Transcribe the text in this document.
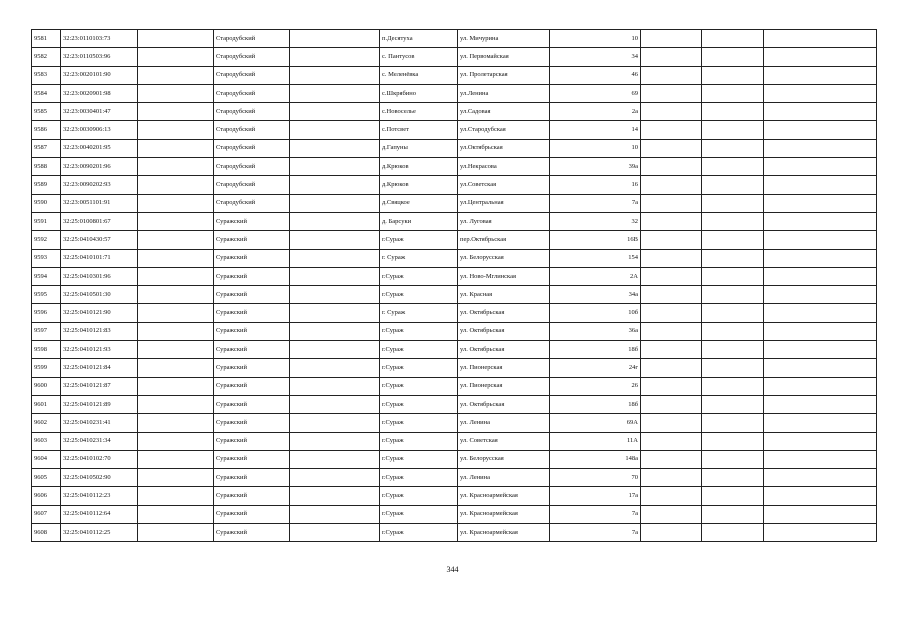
9581	32:23:0110103:73		Стародубский		п.Десятуха	ул. Мичурина	10			
9582	32:23:0110503:96		Стародубский		с. Пантусов	ул. Первомайская	34			
9583	32:23:0020101:90		Стародубский		с. Меленёвка	ул. Пролетарская	46			
9584	32:23:0020901:98		Стародубский		с.Шкрябино	ул.Ленина	69			
9585	32:23:0030401:47		Стародубский		с.Новоселье	ул.Садовая	2а			
9586	32:23:0030906:13		Стародубский		с.Потсвет	ул.Стародубская	14			
9587	32:23:0040201:95		Стародубский		д.Гапуны	ул.Октябрьская	10			
9588	32:23:0090201:96		Стародубский		д.Крюков	ул.Некрасова	39а			
9589	32:23:0090202:93		Стародубский		д.Крюков	ул.Советская	16			
9590	32:23:0051101:91		Стародубский		д.Свяцкое	ул.Центральная	7а			
9591	32:25:0100801:67		Суражский		д. Барсуки	ул. Луговая	32			
9592	32:25:0410430:57		Суражский		г.Сураж	пер.Октябрьская	16В			
9593	32:25:0410101:71		Суражский		г. Сураж	ул. Белорусская	154			
9594	32:25:0410301:96		Суражский		г.Сураж	ул. Ново-Мглинская	2А			
9595	32:25:0410501:30		Суражский		г.Сураж	ул. Красная	34а			
9596	32:25:0410121:90		Суражский		г. Сураж	ул. Октябрьская	10б			
9597	32:25:0410121:83		Суражский		г.Сураж	ул. Октябрьская	36а			
9598	32:25:0410121:93		Суражский		г.Сураж	ул. Октябрьская	18б			
9599	32:25:0410121:84		Суражский		г.Сураж	ул. Пионерская	24г			
9600	32:25:0410121:87		Суражский		г.Сураж	ул. Пионерская	26			
9601	32:25:0410121:89		Суражский		г.Сураж	ул. Октябрьская	18б			
9602	32:25:0410231:41		Суражский		г.Сураж	ул. Ленина	69А			
9603	32:25:0410231:34		Суражский		г.Сураж	ул. Советская	11А			
9604	32:25:0410102:70		Суражский		г.Сураж	ул. Белорусская	148а			
9605	32:25:0410502:90		Суражский		г.Сураж	ул. Ленина	70			
9606	32:25:0410112:23		Суражский		г.Сураж	ул. Красноармейская	17а			
9607	32:25:0410112:64		Суражский		г.Сураж	ул. Красноармейская	7а			
9608	32:25:0410112:25		Суражский		г.Сураж	ул. Красноармейская	7а			
344
